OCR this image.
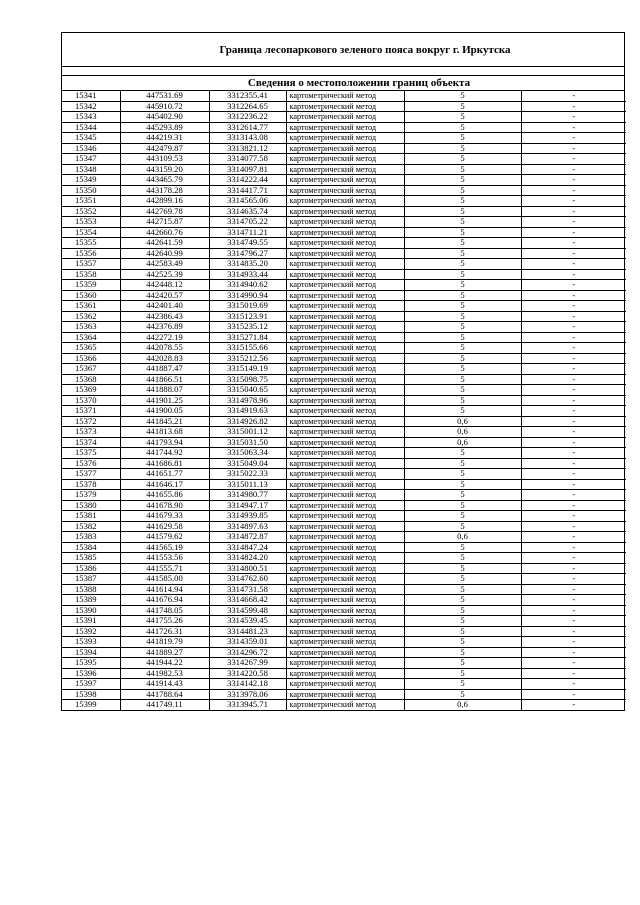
Граница лесопаркового зеленого пояса вокруг г. Иркутска
Сведения о местоположении границ объекта
15341	447531.69	3312355.41	картометрический метод	5	-
15342	445910.72	3312264.65	картометрический метод	5	-
15343	445402.90	3312236.22	картометрический метод	5	-
15344	445293.89	3312614.77	картометрический метод	5	-
15345	444219.31	3313143.08	картометрический метод	5	-
15346	442479.87	3313821.12	картометрический метод	5	-
15347	443109.53	3314077.58	картометрический метод	5	-
15348	443159.20	3314097.81	картометрический метод	5	-
15349	443465.79	3314222.44	картометрический метод	5	-
15350	443178.28	3314417.71	картометрический метод	5	-
15351	442899.16	3314565.06	картометрический метод	5	-
15352	442769.78	3314635.74	картометрический метод	5	-
15353	442715.87	3314705.22	картометрический метод	5	-
15354	442660.76	3314711.21	картометрический метод	5	-
15355	442641.59	3314749.55	картометрический метод	5	-
15356	442640.99	3314796.27	картометрический метод	5	-
15357	442583.49	3314835.20	картометрический метод	5	-
15358	442525.39	3314933.44	картометрический метод	5	-
15359	442448.12	3314940.62	картометрический метод	5	-
15360	442420.57	3314990.94	картометрический метод	5	-
15361	442401.40	3315019.69	картометрический метод	5	-
15362	442386.43	3315123.91	картометрический метод	5	-
15363	442376.89	3315235.12	картометрический метод	5	-
15364	442272.19	3315271.84	картометрический метод	5	-
15365	442078.55	3315155.66	картометрический метод	5	-
15366	442028.83	3315212.56	картометрический метод	5	-
15367	441887.47	3315149.19	картометрический метод	5	-
15368	441866.51	3315098.75	картометрический метод	5	-
15369	441888.07	3315040.65	картометрический метод	5	-
15370	441901.25	3314978.96	картометрический метод	5	-
15371	441900.05	3314919.63	картометрический метод	5	-
15372	441845.21	3314926.82	картометрический метод	0,6	-
15373	441813.68	3315001.12	картометрический метод	0,6	-
15374	441793.94	3315031.50	картометрический метод	0,6	-
15375	441744.92	3315063.34	картометрический метод	5	-
15376	441686.81	3315049.04	картометрический метод	5	-
15377	441651.77	3315022.33	картометрический метод	5	-
15378	441646.17	3315011.13	картометрический метод	5	-
15379	441655.86	3314980.77	картометрический метод	5	-
15380	441678.90	3314947.17	картометрический метод	5	-
15381	441679.33	3314939.85	картометрический метод	5	-
15382	441629.58	3314897.63	картометрический метод	5	-
15383	441579.62	3314872.87	картометрический метод	0,6	-
15384	441565.19	3314847.24	картометрический метод	5	-
15385	441553.56	3314824.20	картометрический метод	5	-
15386	441555.71	3314800.51	картометрический метод	5	-
15387	441585.00	3314762.60	картометрический метод	5	-
15388	441614.94	3314731.58	картометрический метод	5	-
15389	441676.94	3314668.42	картометрический метод	5	-
15390	441748.05	3314599.48	картометрический метод	5	-
15391	441755.26	3314539.45	картометрический метод	5	-
15392	441726.31	3314481.23	картометрический метод	5	-
15393	441819.79	3314359.01	картометрический метод	5	-
15394	441889.27	3314296.72	картометрический метод	5	-
15395	441944.22	3314267.99	картометрический метод	5	-
15396	441982.53	3314220.58	картометрический метод	5	-
15397	441914.43	3314142.18	картометрический метод	5	-
15398	441788.64	3313978.06	картометрический метод	5	-
15399	441749.11	3313945.71	картометрический метод	0,6	-
